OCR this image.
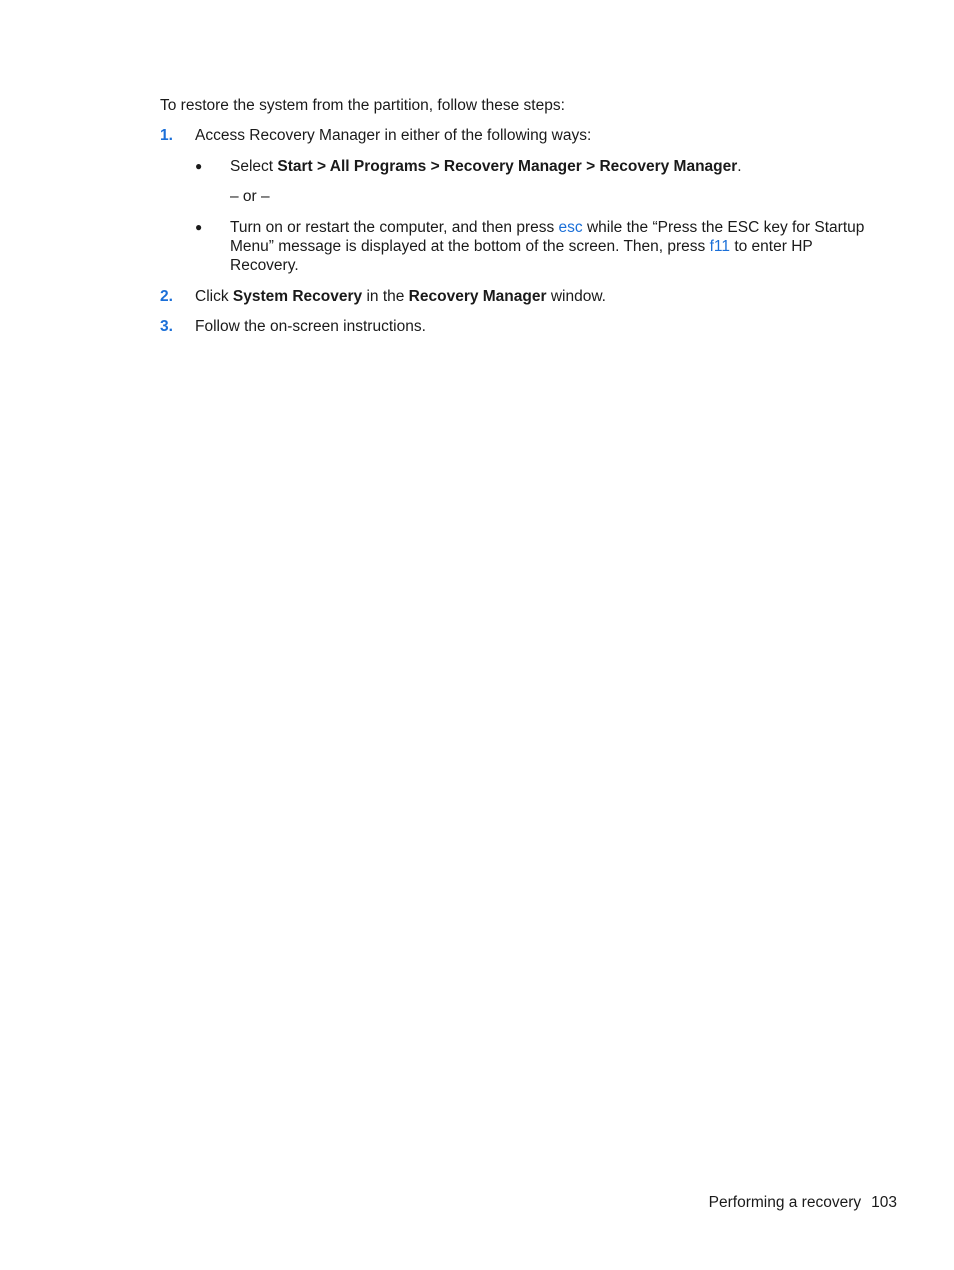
To restore the system from the partition, follow these steps:
1. Access Recovery Manager in either of the following ways:
● Select Start > All Programs > Recovery Manager > Recovery Manager.
– or –
● Turn on or restart the computer, and then press esc while the “Press the ESC key for Startup Menu” message is displayed at the bottom of the screen. Then, press f11 to enter HP Recovery.
2. Click System Recovery in the Recovery Manager window.
3. Follow the on-screen instructions.
Performing a recovery 103
